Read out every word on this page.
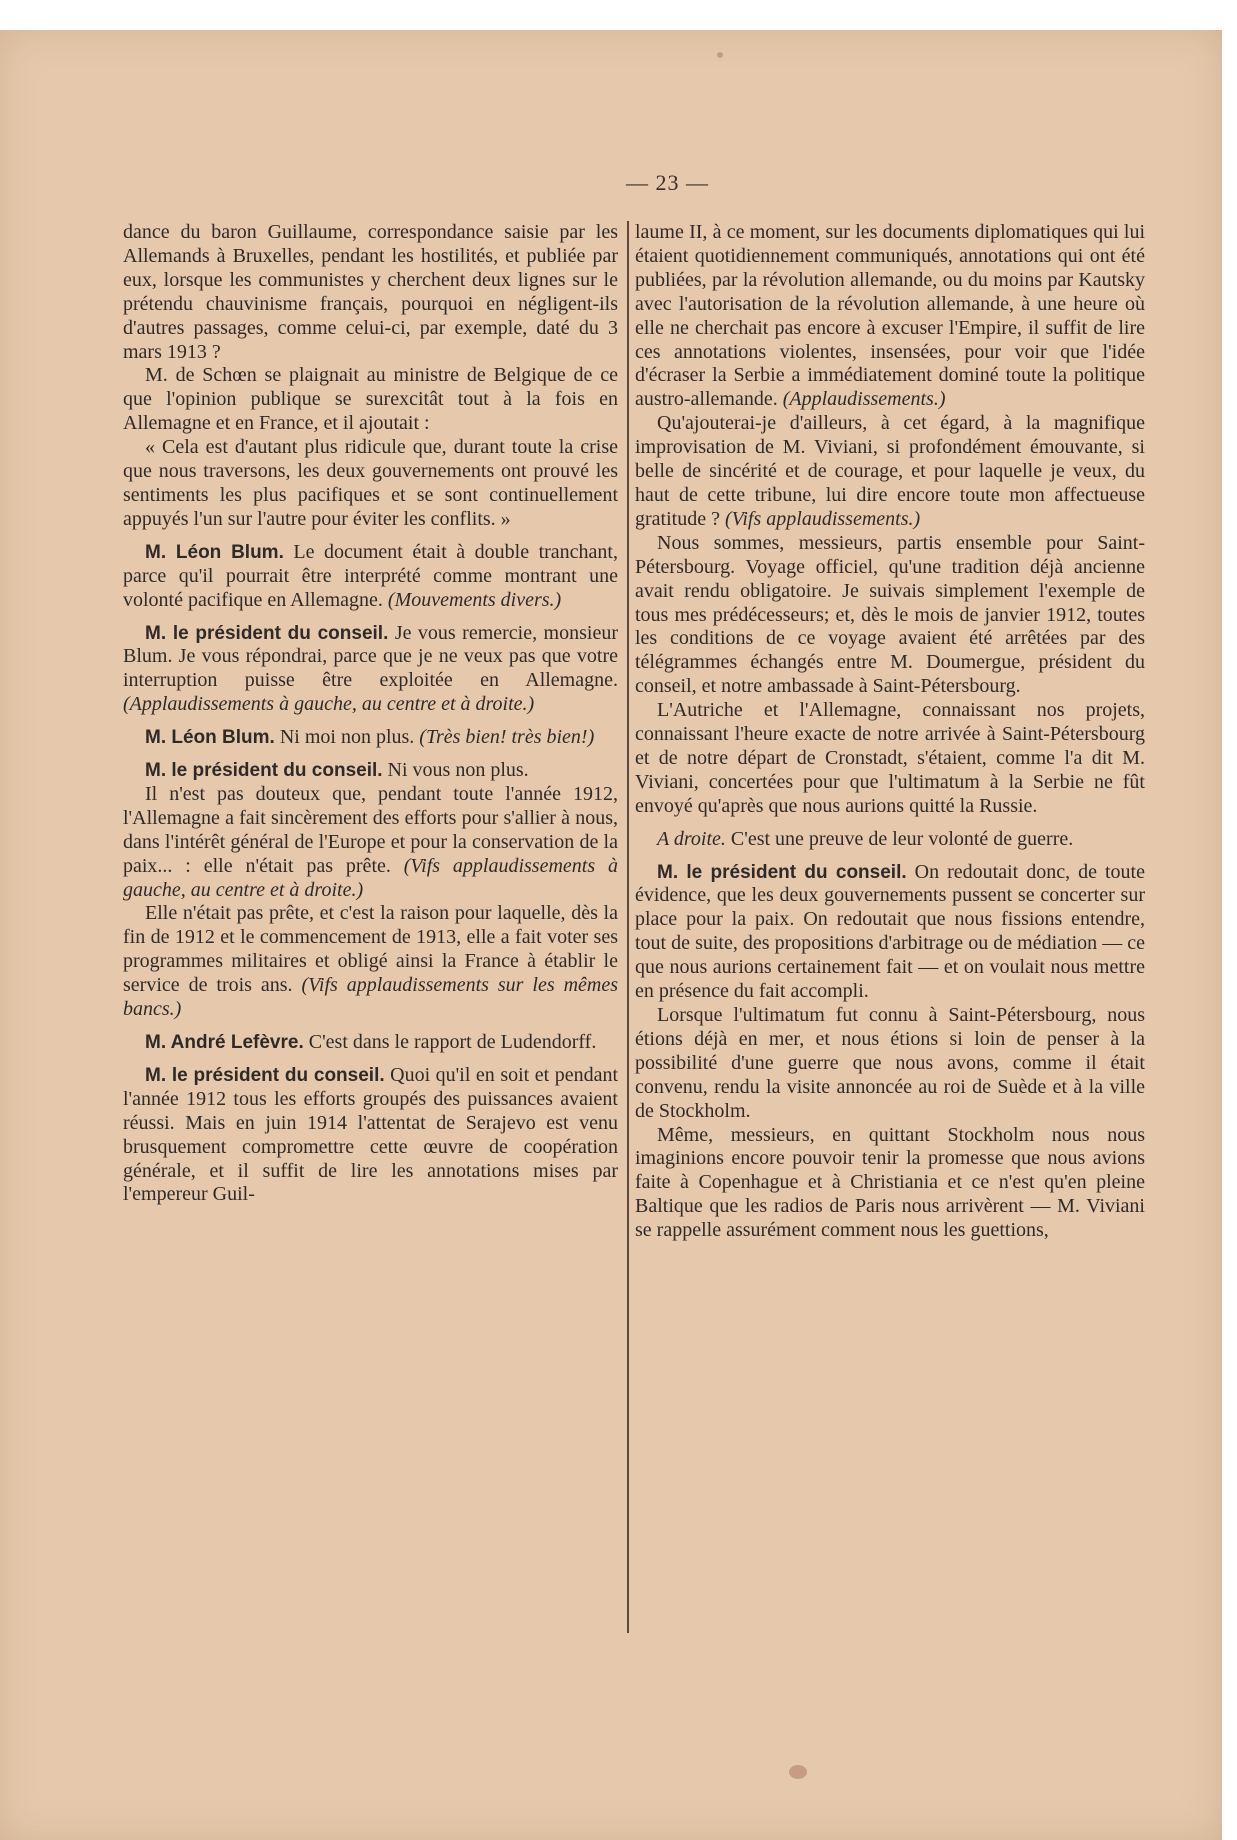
— 23 —

dance du baron Guillaume, correspondance saisie par les Allemands à Bruxelles, pendant les hostilités, et publiée par eux, lorsque les communistes y cherchent deux lignes sur le prétendu chauvinisme français, pourquoi en négligent-ils d'autres passages, comme celui-ci, par exemple, daté du 3 mars 1913 ?

M. de Schœn se plaignait au ministre de Belgique de ce que l'opinion publique se surexcitât tout à la fois en Allemagne et en France, et il ajoutait :

« Cela est d'autant plus ridicule que, durant toute la crise que nous traversons, les deux gouvernements ont prouvé les sentiments les plus pacifiques et se sont continuellement appuyés l'un sur l'autre pour éviter les conflits. »

M. Léon Blum. Le document était à double tranchant, parce qu'il pourrait être interprété comme montrant une volonté pacifique en Allemagne. (Mouvements divers.)

M. le président du conseil. Je vous remercie, monsieur Blum. Je vous répondrai, parce que je ne veux pas que votre interruption puisse être exploitée en Allemagne. (Applaudissements à gauche, au centre et à droite.)

M. Léon Blum. Ni moi non plus. (Très bien! très bien!)

M. le président du conseil. Ni vous non plus.

Il n'est pas douteux que, pendant toute l'année 1912, l'Allemagne a fait sincèrement des efforts pour s'allier à nous, dans l'intérêt général de l'Europe et pour la conservation de la paix... : elle n'était pas prête. (Vifs applaudissements à gauche, au centre et à droite.)

Elle n'était pas prête, et c'est la raison pour laquelle, dès la fin de 1912 et le commencement de 1913, elle a fait voter ses programmes militaires et obligé ainsi la France à établir le service de trois ans. (Vifs applaudissements sur les mêmes bancs.)

M. André Lefèvre. C'est dans le rapport de Ludendorff.

M. le président du conseil. Quoi qu'il en soit et pendant l'année 1912 tous les efforts groupés des puissances avaient réussi. Mais en juin 1914 l'attentat de Serajevo est venu brusquement compromettre cette œuvre de coopération générale, et il suffit de lire les annotations mises par l'empereur Guil-

laume II, à ce moment, sur les documents diplomatiques qui lui étaient quotidiennement communiqués, annotations qui ont été publiées, par la révolution allemande, ou du moins par Kautsky avec l'autorisation de la révolution allemande, à une heure où elle ne cherchait pas encore à excuser l'Empire, il suffit de lire ces annotations violentes, insensées, pour voir que l'idée d'écraser la Serbie a immédiatement dominé toute la politique austro-allemande. (Applaudissements.)

Qu'ajouterai-je d'ailleurs, à cet égard, à la magnifique improvisation de M. Viviani, si profondément émouvante, si belle de sincérité et de courage, et pour laquelle je veux, du haut de cette tribune, lui dire encore toute mon affectueuse gratitude ? (Vifs applaudissements.)

Nous sommes, messieurs, partis ensemble pour Saint-Pétersbourg. Voyage officiel, qu'une tradition déjà ancienne avait rendu obligatoire. Je suivais simplement l'exemple de tous mes prédécesseurs; et, dès le mois de janvier 1912, toutes les conditions de ce voyage avaient été arrêtées par des télégrammes échangés entre M. Doumergue, président du conseil, et notre ambassade à Saint-Pétersbourg.

L'Autriche et l'Allemagne, connaissant nos projets, connaissant l'heure exacte de notre arrivée à Saint-Pétersbourg et de notre départ de Cronstadt, s'étaient, comme l'a dit M. Viviani, concertées pour que l'ultimatum à la Serbie ne fût envoyé qu'après que nous aurions quitté la Russie.

A droite. C'est une preuve de leur volonté de guerre.

M. le président du conseil. On redoutait donc, de toute évidence, que les deux gouvernements pussent se concerter sur place pour la paix. On redoutait que nous fissions entendre, tout de suite, des propositions d'arbitrage ou de médiation — ce que nous aurions certainement fait — et on voulait nous mettre en présence du fait accompli.

Lorsque l'ultimatum fut connu à Saint-Pétersbourg, nous étions déjà en mer, et nous étions si loin de penser à la possibilité d'une guerre que nous avons, comme il était convenu, rendu la visite annoncée au roi de Suède et à la ville de Stockholm.

Même, messieurs, en quittant Stockholm nous nous imaginions encore pouvoir tenir la promesse que nous avions faite à Copenhague et à Christiania et ce n'est qu'en pleine Baltique que les radios de Paris nous arrivèrent — M. Viviani se rappelle assurément comment nous les guettions,
